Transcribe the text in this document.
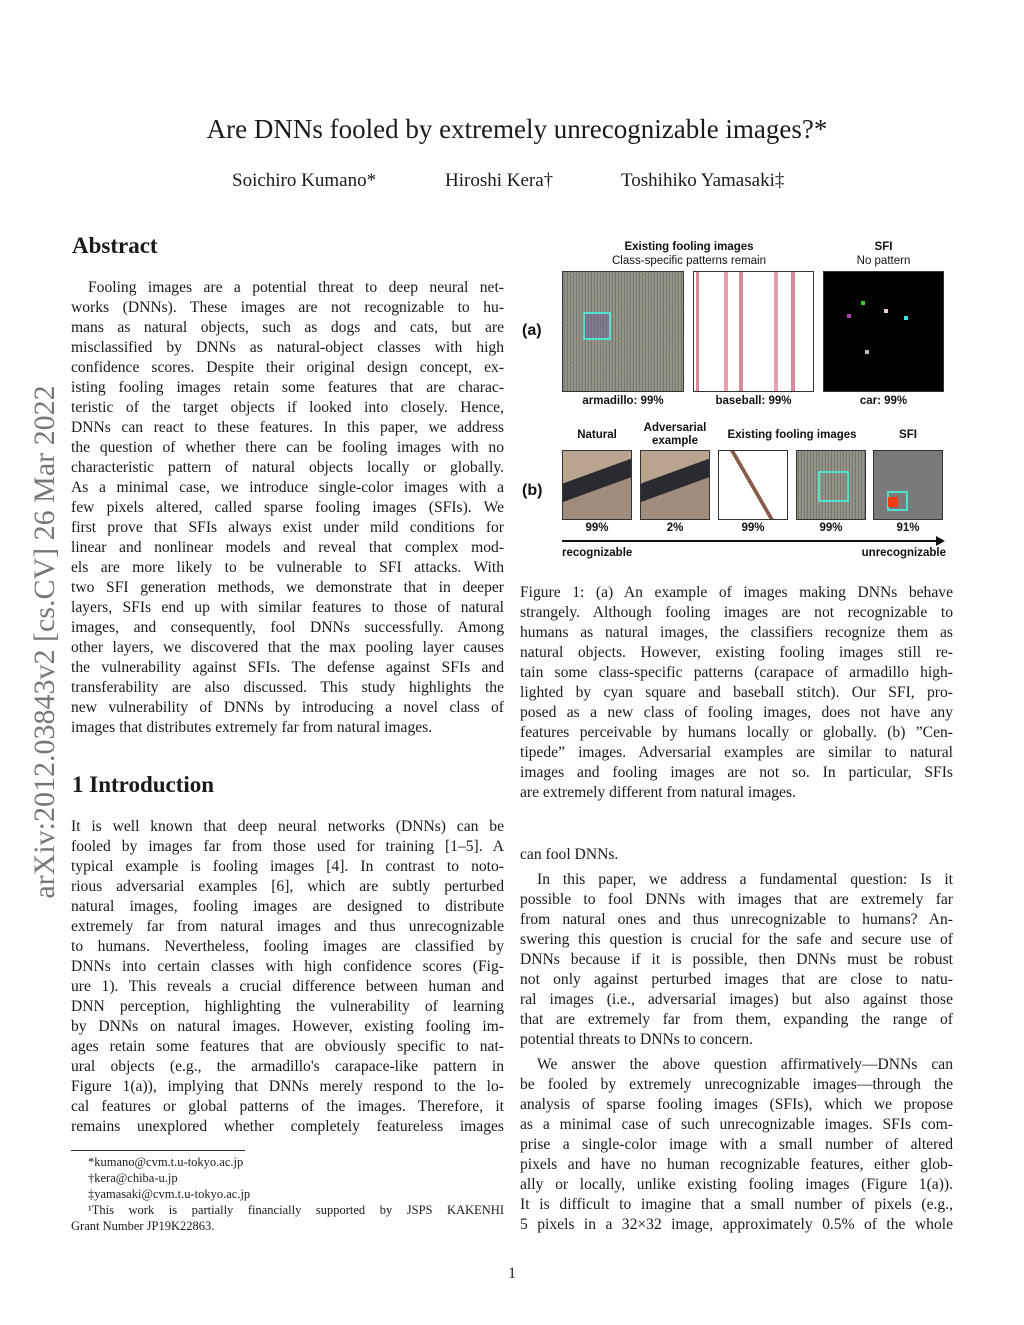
arXiv:2012.03843v2 [cs.CV] 26 Mar 2022
Are DNNs fooled by extremely unrecognizable images?*
Soichiro Kumano*	Hiroshi Kera†	Toshihiko Yamasaki‡
Abstract
Fooling images are a potential threat to deep neural net-
works (DNNs). These images are not recognizable to hu-
mans as natural objects, such as dogs and cats, but are
misclassified by DNNs as natural-object classes with high
confidence scores. Despite their original design concept, ex-
isting fooling images retain some features that are charac-
teristic of the target objects if looked into closely. Hence,
DNNs can react to these features. In this paper, we address
the question of whether there can be fooling images with no
characteristic pattern of natural objects locally or globally.
As a minimal case, we introduce single-color images with a
few pixels altered, called sparse fooling images (SFIs). We
first prove that SFIs always exist under mild conditions for
linear and nonlinear models and reveal that complex mod-
els are more likely to be vulnerable to SFI attacks. With
two SFI generation methods, we demonstrate that in deeper
layers, SFIs end up with similar features to those of natural
images, and consequently, fool DNNs successfully. Among
other layers, we discovered that the max pooling layer causes
the vulnerability against SFIs. The defense against SFIs and
transferability are also discussed. This study highlights the
new vulnerability of DNNs by introducing a novel class of
images that distributes extremely far from natural images.
1 Introduction
It is well known that deep neural networks (DNNs) can be
fooled by images far from those used for training [1–5]. A
typical example is fooling images [4]. In contrast to noto-
rious adversarial examples [6], which are subtly perturbed
natural images, fooling images are designed to distribute
extremely far from natural images and thus unrecognizable
to humans. Nevertheless, fooling images are classified by
DNNs into certain classes with high confidence scores (Fig-
ure 1). This reveals a crucial difference between human and
DNN perception, highlighting the vulnerability of learning
by DNNs on natural images. However, existing fooling im-
ages retain some features that are obviously specific to nat-
ural objects (e.g., the armadillo's carapace-like pattern in
Figure 1(a)), implying that DNNs merely respond to the lo-
cal features or global patterns of the images. Therefore, it
remains unexplored whether completely featureless images
*kumano@cvm.t.u-tokyo.ac.jp
†kera@chiba-u.jp
‡yamasaki@cvm.t.u-tokyo.ac.jp
¹This work is partially financially supported by JSPS KAKENHI
Grant Number JP19K22863.
Existing fooling images
Class-specific patterns remain
SFI
No pattern
(a)
armadillo: 99%	baseball: 99%	car: 99%
Natural
Adversarial example	Existing fooling images	SFI
(b)
99%	2%	99%	99%	91%
recognizable	unrecognizable
Figure 1: (a) An example of images making DNNs behave
strangely. Although fooling images are not recognizable to
humans as natural images, the classifiers recognize them as
natural objects. However, existing fooling images still re-
tain some class-specific patterns (carapace of armadillo high-
lighted by cyan square and baseball stitch). Our SFI, pro-
posed as a new class of fooling images, does not have any
features perceivable by humans locally or globally. (b) ”Cen-
tipede” images. Adversarial examples are similar to natural
images and fooling images are not so. In particular, SFIs
are extremely different from natural images.
can fool DNNs.
In this paper, we address a fundamental question: Is it
possible to fool DNNs with images that are extremely far
from natural ones and thus unrecognizable to humans? An-
swering this question is crucial for the safe and secure use of
DNNs because if it is possible, then DNNs must be robust
not only against perturbed images that are close to natu-
ral images (i.e., adversarial images) but also against those
that are extremely far from them, expanding the range of
potential threats to DNNs to concern.
We answer the above question affirmatively—DNNs can
be fooled by extremely unrecognizable images—through the
analysis of sparse fooling images (SFIs), which we propose
as a minimal case of such unrecognizable images. SFIs com-
prise a single-color image with a small number of altered
pixels and have no human recognizable features, either glob-
ally or locally, unlike existing fooling images (Figure 1(a)).
It is difficult to imagine that a small number of pixels (e.g.,
5 pixels in a 32×32 image, approximately 0.5% of the whole
1
